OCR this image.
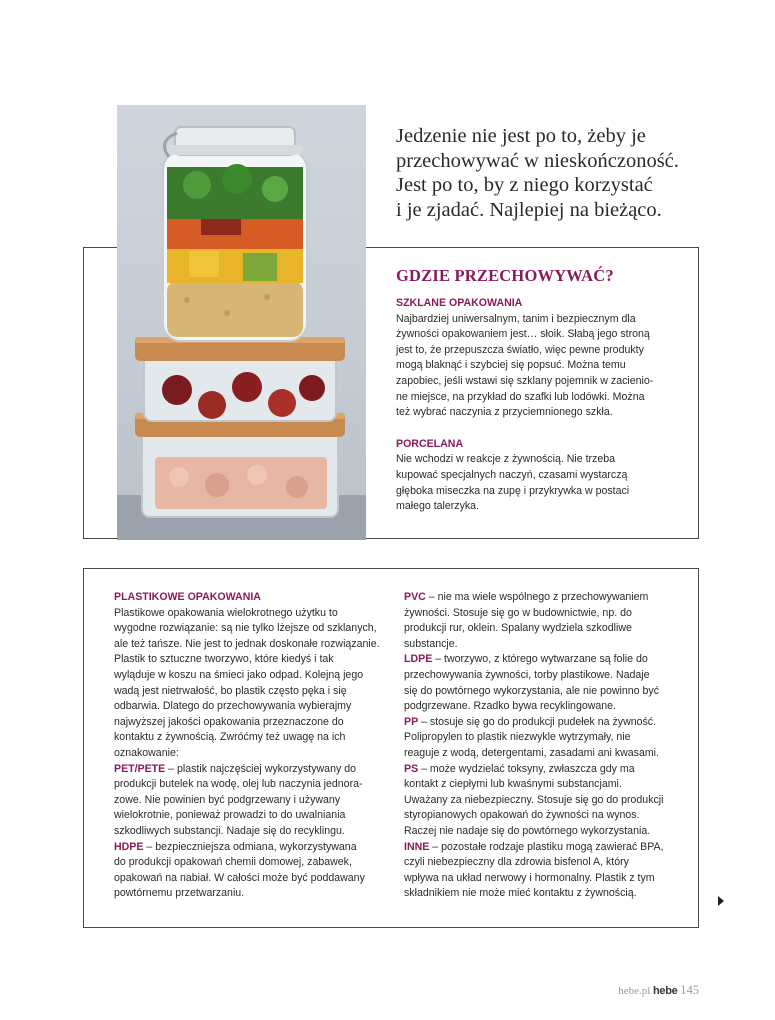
Jedzenie nie jest po to, żeby je
przechowywać w nieskończoność.
Jest po to, by z niego korzystać
i je zjadać. Najlepiej na bieżąco.
GDZIE PRZECHOWYWAĆ?

SZKLANE OPAKOWANIA

Najbardziej uniwersalnym, tanim i bezpiecznym dla
żywności opakowaniem jest… słoik. Słabą jego stroną
jest to, że przepuszcza światło, więc pewne produkty
mogą blaknąć i szybciej się popsuć. Można temu
zapobiec, jeśli wstawi się szklany pojemnik w zacienio-
ne miejsce, na przykład do szafki lub lodówki. Można
też wybrać naczynia z przyciemnionego szkła.

PORCELANA

Nie wchodzi w reakcje z żywnością. Nie trzeba
kupować specjalnych naczyń, czasami wystarczą
głęboka miseczka na zupę i przykrywka w postaci
małego talerzyka.

PLASTIKOWE OPAKOWANIA
Plastikowe opakowania wielokrotnego użytku to
wygodne rozwiązanie: są nie tylko lżejsze od szklanych,
ale też tańsze. Nie jest to jednak doskonałe rozwiązanie.
Plastik to sztuczne tworzywo, które kiedyś i tak
wyląduje w koszu na śmieci jako odpad. Kolejną jego
wadą jest nietrwałość, bo plastik często pęka i się
odbarwia. Dlatego do przechowywania wybierajmy
najwyższej jakości opakowania przeznaczone do
kontaktu z żywnością. Zwróćmy też uwagę na ich
oznakowanie:
PET/PETE – plastik najczęściej wykorzystywany do
produkcji butelek na wodę, olej lub naczynia jednora-
zowe. Nie powinien być podgrzewany i używany
wielokrotnie, ponieważ prowadzi to do uwalniania
szkodliwych substancji. Nadaje się do recyklingu.
HDPE – bezpieczniejsza odmiana, wykorzystywana
do produkcji opakowań chemii domowej, zabawek,
opakowań na nabiał. W całości może być poddawany
powtórnemu przetwarzaniu.
PVC – nie ma wiele wspólnego z przechowywaniem
żywności. Stosuje się go w budownictwie, np. do
produkcji rur, oklein. Spalany wydziela szkodliwe
substancje.
LDPE – tworzywo, z którego wytwarzane są folie do
przechowywania żywności, torby plastikowe. Nadaje
się do powtórnego wykorzystania, ale nie powinno być
podgrzewane. Rzadko bywa recyklingowane.
PP – stosuje się go do produkcji pudełek na żywność.
Polipropylen to plastik niezwykle wytrzymały, nie
reaguje z wodą, detergentami, zasadami ani kwasami.
PS – może wydzielać toksyny, zwłaszcza gdy ma
kontakt z ciepłymi lub kwaśnymi substancjami.
Uważany za niebezpieczny. Stosuje się go do produkcji
styropianowych opakowań do żywności na wynos.
Raczej nie nadaje się do powtórnego wykorzystania.
INNE – pozostałe rodzaje plastiku mogą zawierać BPA,
czyli niebezpieczny dla zdrowia bisfenol A, który
wpływa na układ nerwowy i hormonalny. Plastik z tym
składnikiem nie może mieć kontaktu z żywnością.
hebe.pl hebe 145
